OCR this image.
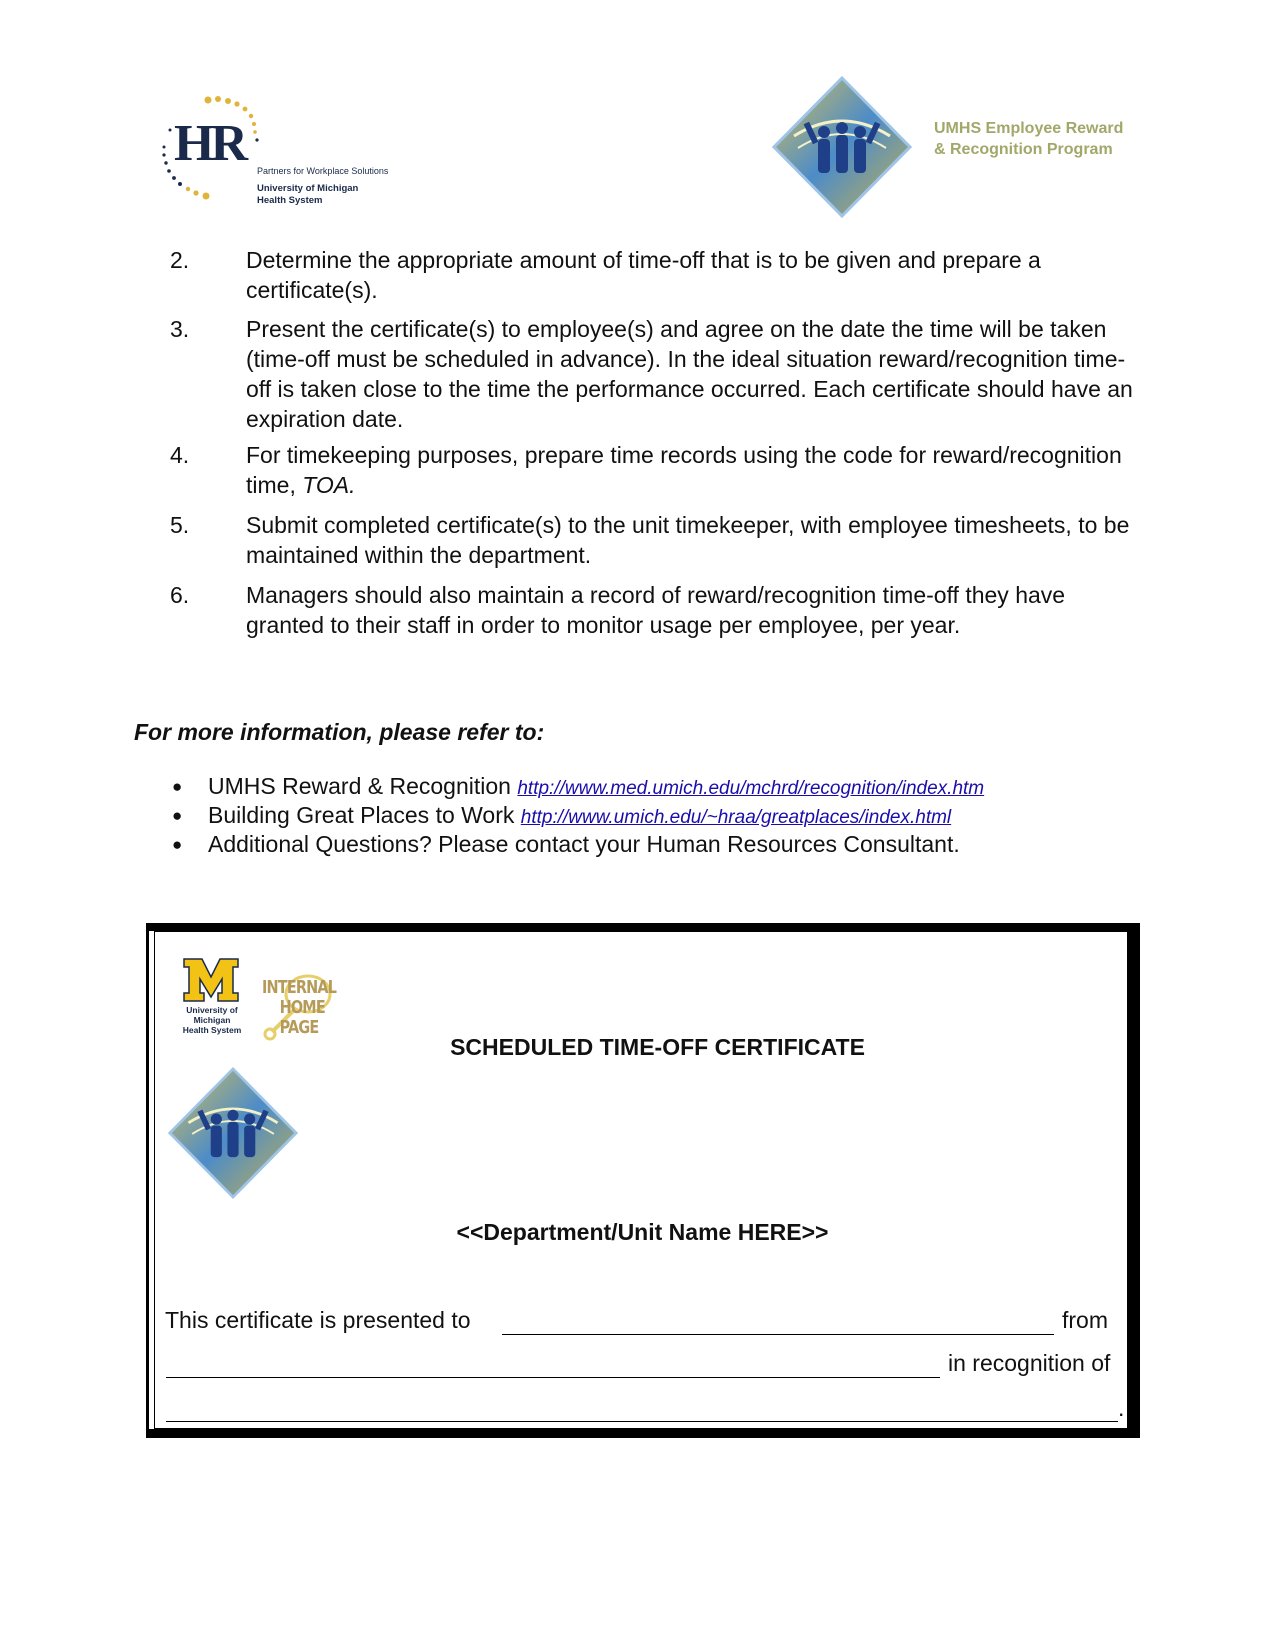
HR Partners for Workplace Solutions
University of Michigan
Health System
UMHS Employee Reward
& Recognition Program
2. Determine the appropriate amount of time-off that is to be given and prepare a certificate(s).
3. Present the certificate(s) to employee(s) and agree on the date the time will be taken (time-off must be scheduled in advance). In the ideal situation reward/recognition time-off is taken close to the time the performance occurred. Each certificate should have an expiration date.
4. For timekeeping purposes, prepare time records using the code for reward/recognition time, TOA.
5. Submit completed certificate(s) to the unit timekeeper, with employee timesheets, to be maintained within the department.
6. Managers should also maintain a record of reward/recognition time-off they have granted to their staff in order to monitor usage per employee, per year.
For more information, please refer to:
● UMHS Reward & Recognition http://www.med.umich.edu/mchrd/recognition/index.htm
● Building Great Places to Work http://www.umich.edu/~hraa/greatplaces/index.html
● Additional Questions? Please contact your Human Resources Consultant.
University of Michigan
Health System
INTERNAL
HOME PAGE
SCHEDULED TIME-OFF CERTIFICATE
<<Department/Unit Name HERE>>
This certificate is presented to	from
in recognition of
.
